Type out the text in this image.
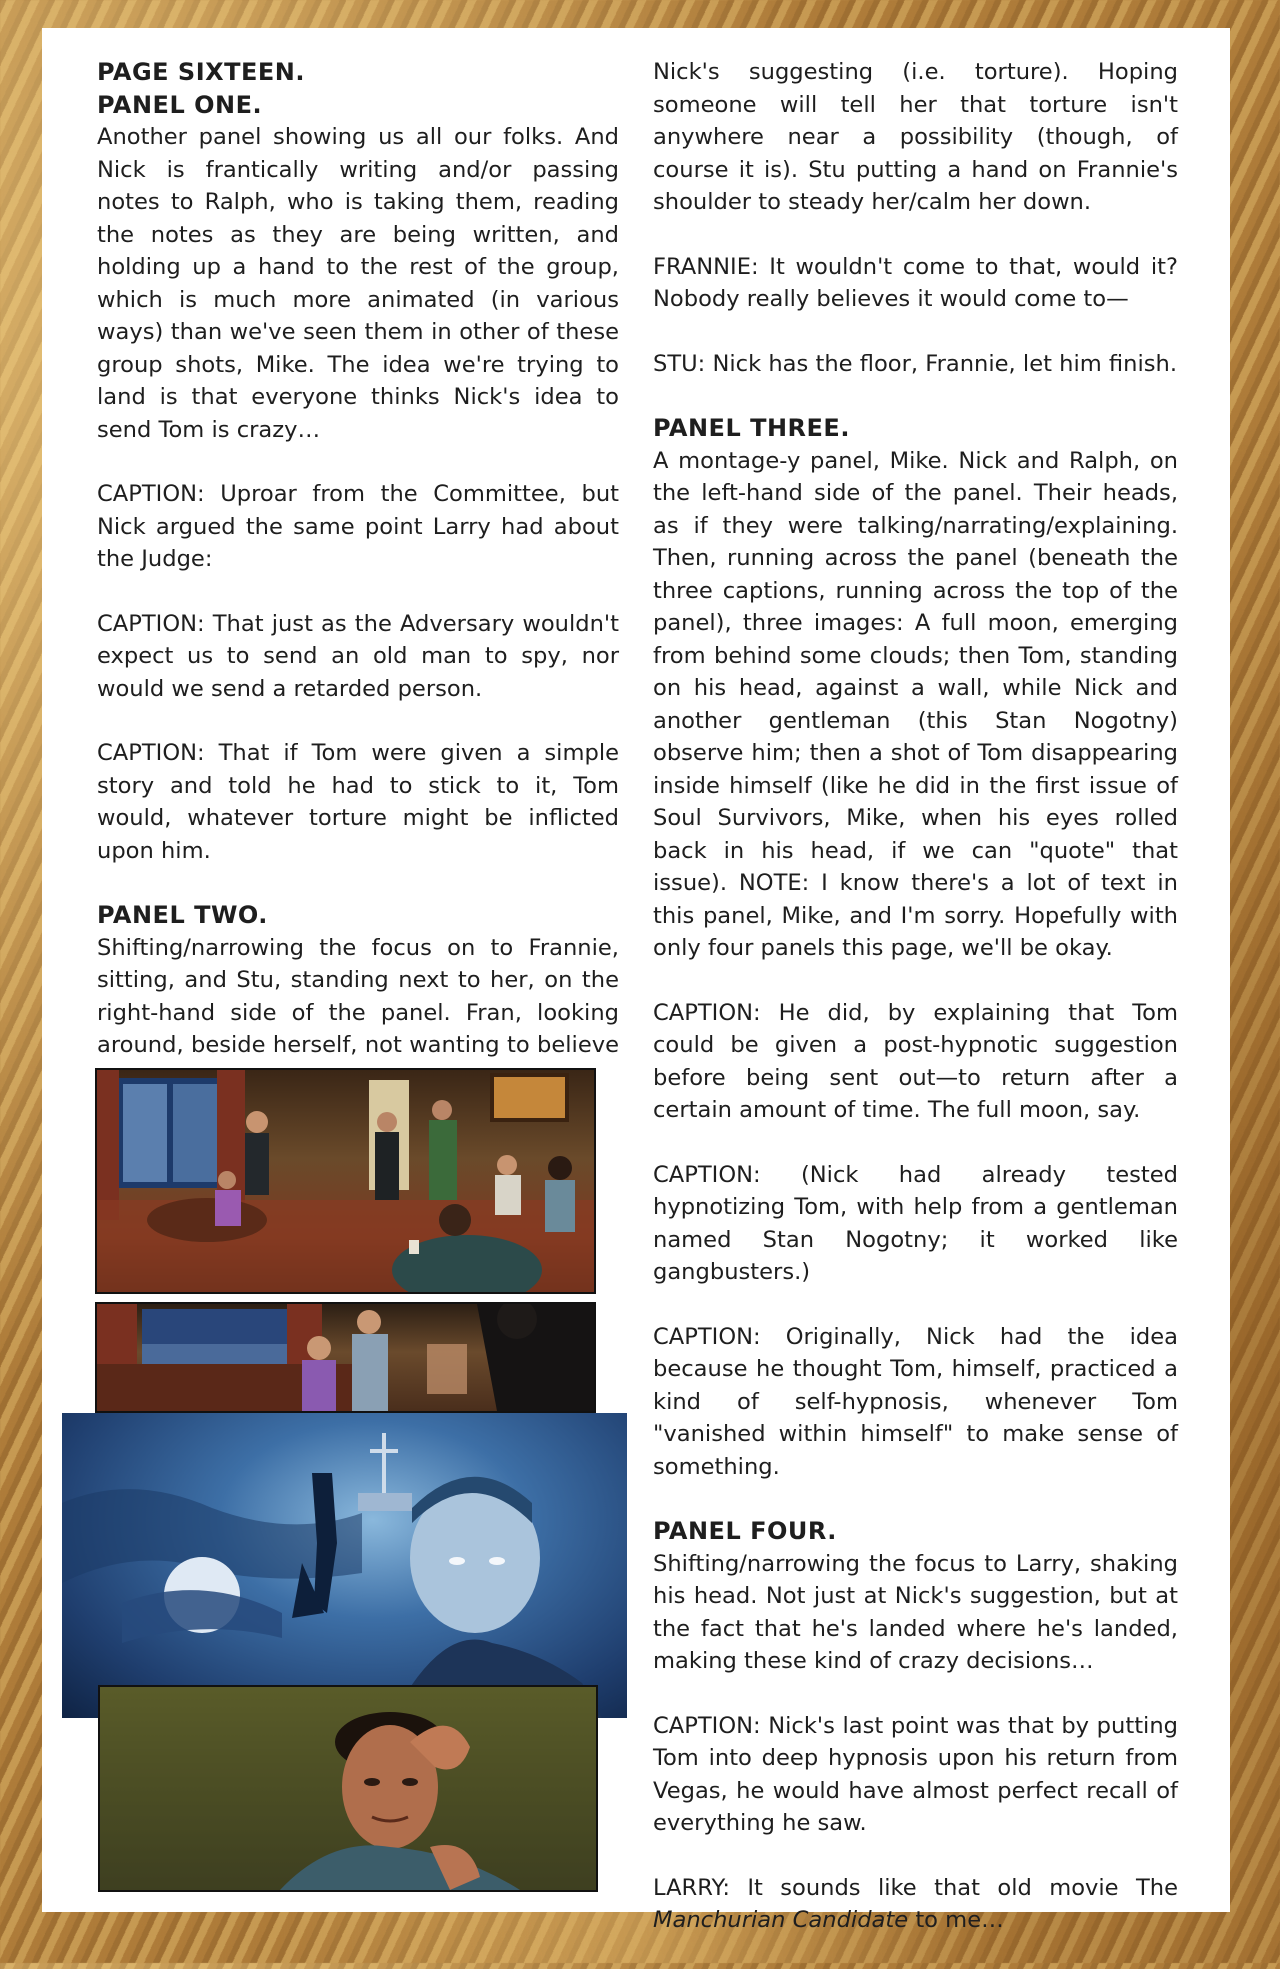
PAGE SIXTEEN.
PANEL ONE.

Another panel showing us all our folks. And Nick is frantically writing and/or passing notes to Ralph, who is taking them, reading the notes as they are being written, and holding up a hand to the rest of the group, which is much more animated (in various ways) than we've seen them in other of these group shots, Mike. The idea we're trying to land is that everyone thinks Nick's idea to send Tom is crazy…

CAPTION: Uproar from the Committee, but Nick argued the same point Larry had about the Judge:

CAPTION: That just as the Adversary wouldn't expect us to send an old man to spy, nor would we send a retarded person.

CAPTION: That if Tom were given a simple story and told he had to stick to it, Tom would, whatever torture might be inflicted upon him.

PANEL TWO.

Shifting/narrowing the focus on to Frannie, sitting, and Stu, standing next to her, on the right-hand side of the panel. Fran, looking around, beside herself, not wanting to believe

Nick's suggesting (i.e. torture). Hoping someone will tell her that torture isn't anywhere near a possibility (though, of course it is). Stu putting a hand on Frannie's shoulder to steady her/calm her down.

FRANNIE: It wouldn't come to that, would it? Nobody really believes it would come to—

STU: Nick has the floor, Frannie, let him finish.

PANEL THREE.

A montage-y panel, Mike. Nick and Ralph, on the left-hand side of the panel. Their heads, as if they were talking/narrating/explaining. Then, running across the panel (beneath the three captions, running across the top of the panel), three images: A full moon, emerging from behind some clouds; then Tom, standing on his head, against a wall, while Nick and another gentleman (this Stan Nogotny) observe him; then a shot of Tom disappearing inside himself (like he did in the first issue of Soul Survivors, Mike, when his eyes rolled back in his head, if we can "quote" that issue). NOTE: I know there's a lot of text in this panel, Mike, and I'm sorry. Hopefully with only four panels this page, we'll be okay.

CAPTION: He did, by explaining that Tom could be given a post-hypnotic suggestion before being sent out—to return after a certain amount of time. The full moon, say.

CAPTION: (Nick had already tested hypnotizing Tom, with help from a gentleman named Stan Nogotny; it worked like gangbusters.)

CAPTION: Originally, Nick had the idea because he thought Tom, himself, practiced a kind of self-hypnosis, whenever Tom "vanished within himself" to make sense of something.

PANEL FOUR.

Shifting/narrowing the focus to Larry, shaking his head. Not just at Nick's suggestion, but at the fact that he's landed where he's landed, making these kind of crazy decisions…

CAPTION: Nick's last point was that by putting Tom into deep hypnosis upon his return from Vegas, he would have almost perfect recall of everything he saw.

LARRY: It sounds like that old movie The Manchurian Candidate to me…
